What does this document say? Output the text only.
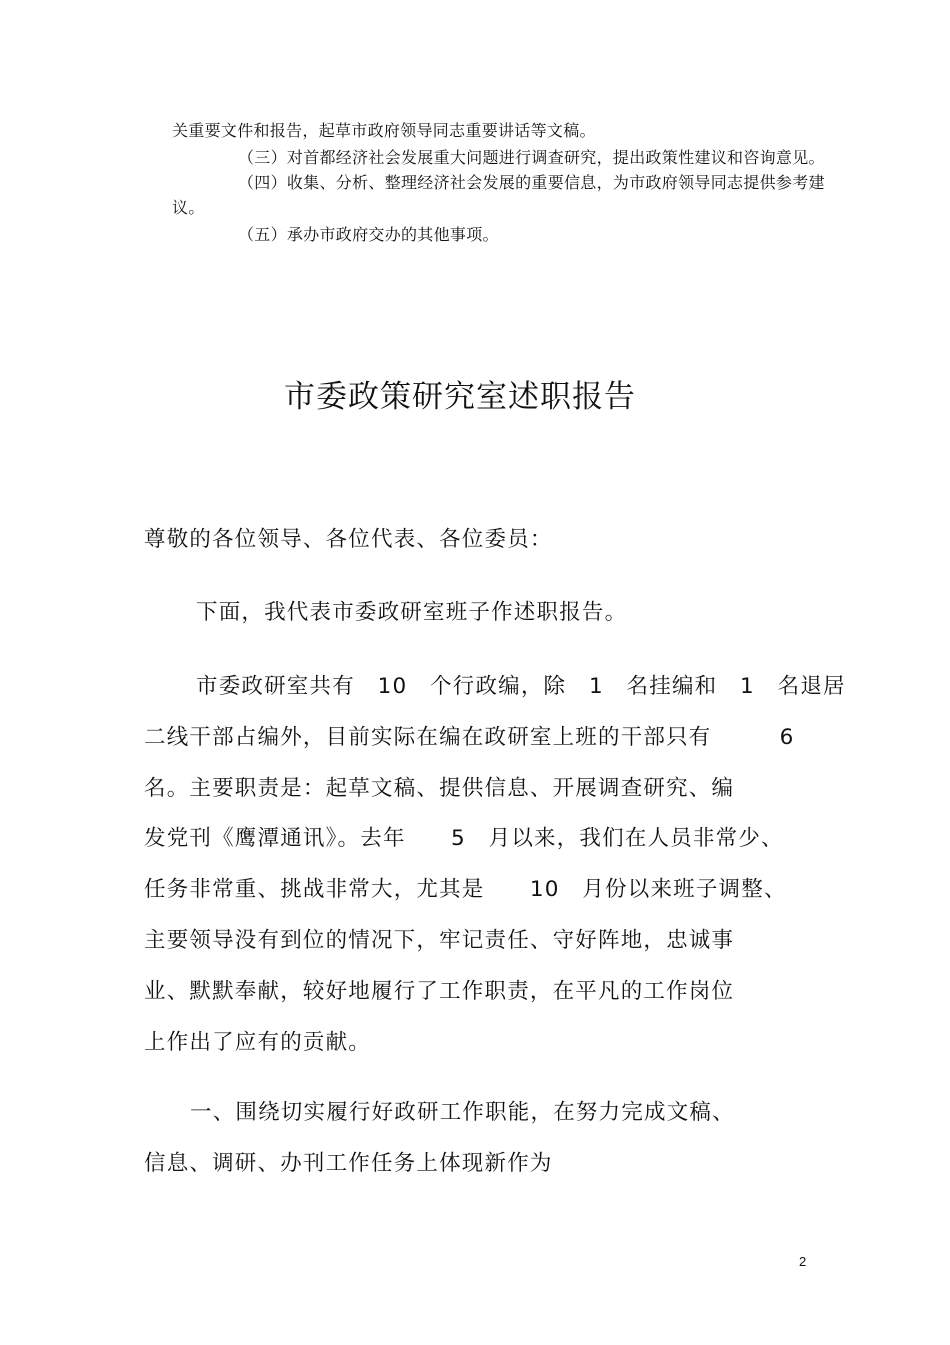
关重要文件和报告，起草市政府领导同志重要讲话等文稿。
（三）对首都经济社会发展重大问题进行调查研究，提出政策性建议和咨询意见。
（四）收集、分析、整理经济社会发展的重要信息，为市政府领导同志提供参考建
议。
（五）承办市政府交办的其他事项。
市委政策研究室述职报告
尊敬的各位领导、各位代表、各位委员：
下面，我代表市委政研室班子作述职报告。
市委政研室共有　10　个行政编，除　1　名挂编和　1　名退居
二线干部占编外，目前实际在编在政研室上班的干部只有　　　6
名。主要职责是：起草文稿、提供信息、开展调查研究、编
发党刊《鹰潭通讯》。去年　　5　月以来，我们在人员非常少、
任务非常重、挑战非常大，尤其是　　10　月份以来班子调整、
主要领导没有到位的情况下，牢记责任、守好阵地，忠诚事
业、默默奉献，较好地履行了工作职责，在平凡的工作岗位
上作出了应有的贡献。
一、围绕切实履行好政研工作职能，在努力完成文稿、
信息、调研、办刊工作任务上体现新作为
2
